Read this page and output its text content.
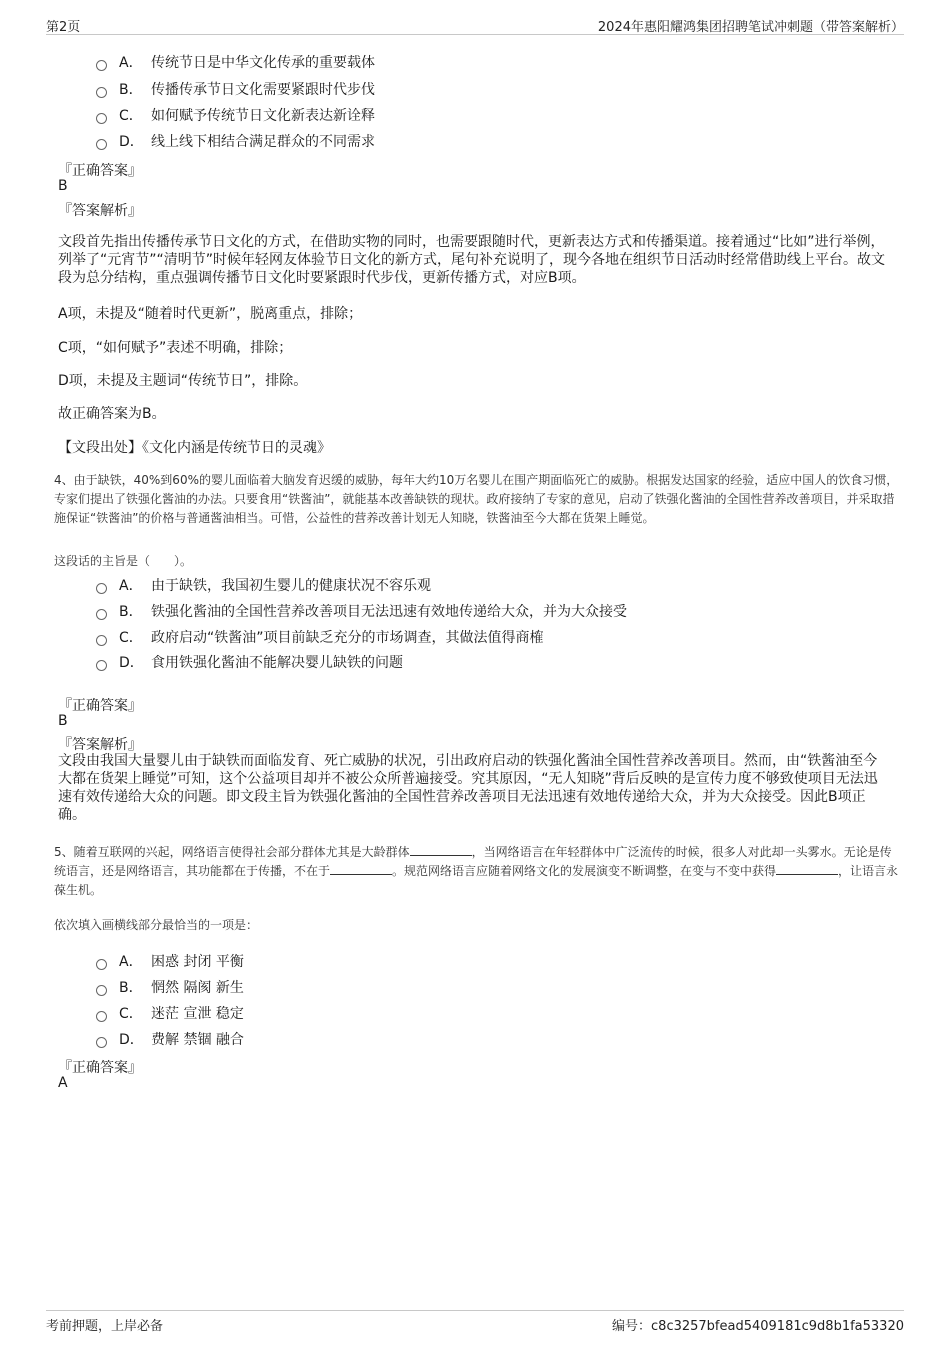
第2页	2024年惠阳耀鸿集团招聘笔试冲刺题（带答案解析）
A． 传统节日是中华文化传承的重要载体
B． 传播传承节日文化需要紧跟时代步伐
C． 如何赋予传统节日文化新表达新诠释
D． 线上线下相结合满足群众的不同需求
『正确答案』
B
『答案解析』
文段首先指出传播传承节日文化的方式，在借助实物的同时，也需要跟随时代，更新表达方式和传播渠道。接着通过“比如”进行举例，列举了“元宵节”“清明节”时候年轻网友体验节日文化的新方式，尾句补充说明了，现今各地在组织节日活动时经常借助线上平台。故文段为总分结构，重点强调传播节日文化时要紧跟时代步伐，更新传播方式，对应B项。
A项，未提及“随着时代更新”，脱离重点，排除；
C项，“如何赋予”表述不明确，排除；
D项，未提及主题词“传统节日”，排除。
故正确答案为B。
【文段出处】《文化内涵是传统节日的灵魂》
4、由于缺铁，40%到60%的婴儿面临着大脑发育迟缓的威胁，每年大约10万名婴儿在围产期面临死亡的威胁。根据发达国家的经验，适应中国人的饮食习惯，专家们提出了铁强化酱油的办法。只要食用“铁酱油”，就能基本改善缺铁的现状。政府接纳了专家的意见，启动了铁强化酱油的全国性营养改善项目，并采取措施保证“铁酱油”的价格与普通酱油相当。可惜，公益性的营养改善计划无人知晓，铁酱油至今大都在货架上睡觉。
这段话的主旨是（　　）。
A． 由于缺铁，我国初生婴儿的健康状况不容乐观
B． 铁强化酱油的全国性营养改善项目无法迅速有效地传递给大众，并为大众接受
C． 政府启动“铁酱油”项目前缺乏充分的市场调查，其做法值得商榷
D． 食用铁强化酱油不能解决婴儿缺铁的问题
『正确答案』
B
『答案解析』
文段由我国大量婴儿由于缺铁而面临发育、死亡威胁的状况，引出政府启动的铁强化酱油全国性营养改善项目。然而，由“铁酱油至今大都在货架上睡觉”可知，这个公益项目却并不被公众所普遍接受。究其原因，“无人知晓”背后反映的是宣传力度不够致使项目无法迅速有效传递给大众的问题。即文段主旨为铁强化酱油的全国性营养改善项目无法迅速有效地传递给大众，并为大众接受。因此B项正确。
5、随着互联网的兴起，网络语言使得社会部分群体尤其是大龄群体	，当网络语言在年轻群体中广泛流传的时候，很多人对此却一头雾水。无论是传统语言，还是网络语言，其功能都在于传播，不在于	。规范网络语言应随着网络文化的发展演变不断调整，在变与不变中获得	，让语言永葆生机。
依次填入画横线部分最恰当的一项是：
A． 困惑 封闭 平衡
B． 惘然 隔阂 新生
C． 迷茫 宣泄 稳定
D． 费解 禁锢 融合
『正确答案』
A
考前押题，上岸必备	编号：c8c3257bfead5409181c9d8b1fa53320
